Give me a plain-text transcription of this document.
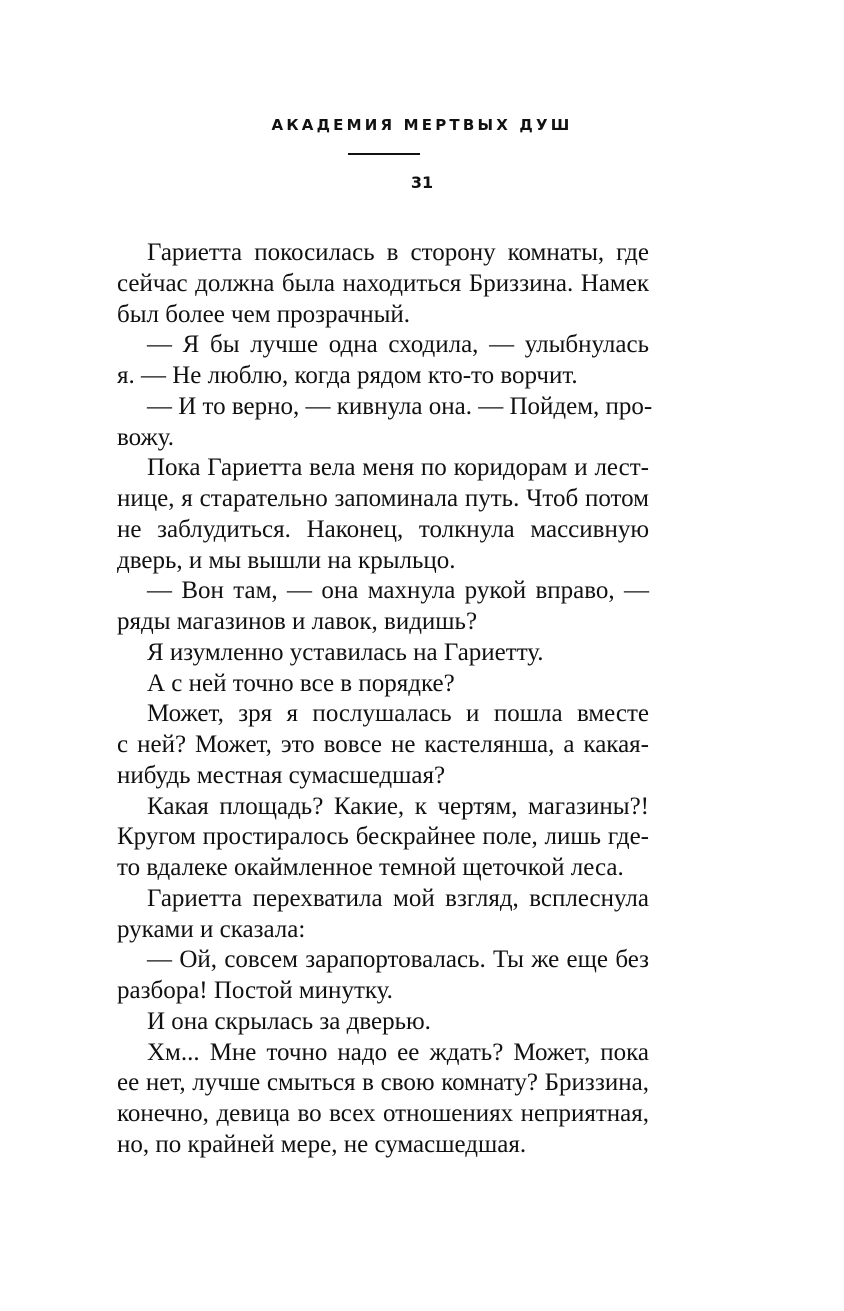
АКАДЕМИЯ МЕРТВЫХ ДУШ
31
Гариетта покосилась в сторону комнаты, где
сейчас должна была находиться Бриззина. Намек
был более чем прозрачный.
— Я бы лучше одна сходила, — улыбнулась
я. — Не люблю, когда рядом кто-то ворчит.
— И то верно, — кивнула она. — Пойдем, про-
вожу.
Пока Гариетта вела меня по коридорам и лест-
нице, я старательно запоминала путь. Чтоб потом
не заблудиться. Наконец, толкнула массивную
дверь, и мы вышли на крыльцо.
— Вон там, — она махнула рукой вправо, —
ряды магазинов и лавок, видишь?
Я изумленно уставилась на Гариетту.
А с ней точно все в порядке?
Может, зря я послушалась и пошла вместе
с ней? Может, это вовсе не кастелянша, а какая-
нибудь местная сумасшедшая?
Какая площадь? Какие, к чертям, магазины?!
Кругом простиралось бескрайнее поле, лишь где-
то вдалеке окаймленное темной щеточкой леса.
Гариетта перехватила мой взгляд, всплеснула
руками и сказала:
— Ой, совсем зарапортовалась. Ты же еще без
разбора! Постой минутку.
И она скрылась за дверью.
Хм... Мне точно надо ее ждать? Может, пока
ее нет, лучше смыться в свою комнату? Бриззина,
конечно, девица во всех отношениях неприятная,
но, по крайней мере, не сумасшедшая.
